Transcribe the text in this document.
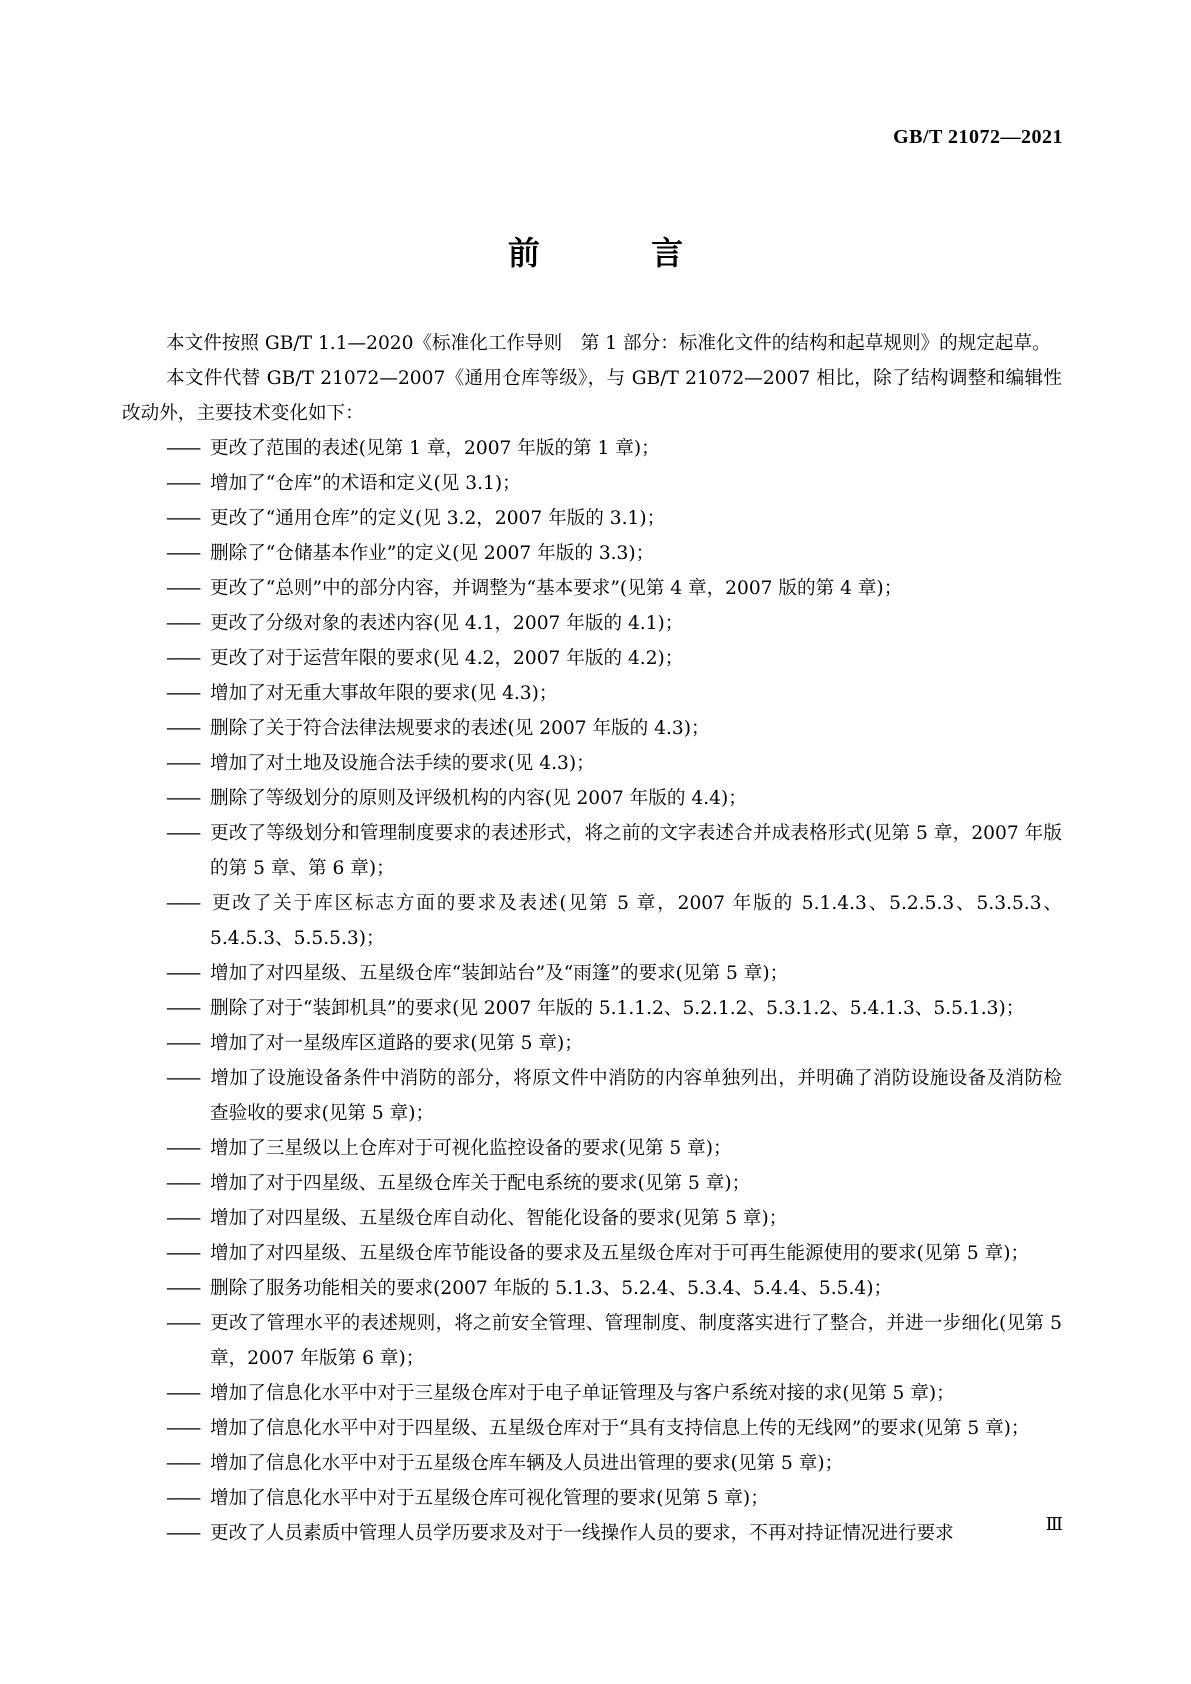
GB/T 21072—2021
前 言

本文件按照 GB/T 1.1—2020《标准化工作导则　第 1 部分：标准化文件的结构和起草规则》的规定起草。

本文件代替 GB/T 21072—2007《通用仓库等级》，与 GB/T 21072—2007 相比，除了结构调整和编辑性改动外，主要技术变化如下：

—— 更改了范围的表述(见第 1 章，2007 年版的第 1 章)；

—— 增加了“仓库”的术语和定义(见 3.1)；

—— 更改了“通用仓库”的定义(见 3.2，2007 年版的 3.1)；

—— 删除了“仓储基本作业”的定义(见 2007 年版的 3.3)；

—— 更改了“总则”中的部分内容，并调整为“基本要求”(见第 4 章，2007 版的第 4 章)；

—— 更改了分级对象的表述内容(见 4.1，2007 年版的 4.1)；

—— 更改了对于运营年限的要求(见 4.2，2007 年版的 4.2)；

—— 增加了对无重大事故年限的要求(见 4.3)；

—— 删除了关于符合法律法规要求的表述(见 2007 年版的 4.3)；

—— 增加了对土地及设施合法手续的要求(见 4.3)；

—— 删除了等级划分的原则及评级机构的内容(见 2007 年版的 4.4)；

—— 更改了等级划分和管理制度要求的表述形式，将之前的文字表述合并成表格形式(见第 5 章，2007 年版的第 5 章、第 6 章)；

—— 更改了关于库区标志方面的要求及表述(见第 5 章，2007 年版的 5.1.4.3、5.2.5.3、5.3.5.3、5.4.5.3、5.5.5.3)；

—— 增加了对四星级、五星级仓库“装卸站台”及“雨篷”的要求(见第 5 章)；

—— 删除了对于“装卸机具”的要求(见 2007 年版的 5.1.1.2、5.2.1.2、5.3.1.2、5.4.1.3、5.5.1.3)；

—— 增加了对一星级库区道路的要求(见第 5 章)；

—— 增加了设施设备条件中消防的部分，将原文件中消防的内容单独列出，并明确了消防设施设备及消防检查验收的要求(见第 5 章)；

—— 增加了三星级以上仓库对于可视化监控设备的要求(见第 5 章)；

—— 增加了对于四星级、五星级仓库关于配电系统的要求(见第 5 章)；

—— 增加了对四星级、五星级仓库自动化、智能化设备的要求(见第 5 章)；

—— 增加了对四星级、五星级仓库节能设备的要求及五星级仓库对于可再生能源使用的要求(见第 5 章)；

—— 删除了服务功能相关的要求(2007 年版的 5.1.3、5.2.4、5.3.4、5.4.4、5.5.4)；

—— 更改了管理水平的表述规则，将之前安全管理、管理制度、制度落实进行了整合，并进一步细化(见第 5 章，2007 年版第 6 章)；

—— 增加了信息化水平中对于三星级仓库对于电子单证管理及与客户系统对接的求(见第 5 章)；

—— 增加了信息化水平中对于四星级、五星级仓库对于“具有支持信息上传的无线网”的要求(见第 5 章)；

—— 增加了信息化水平中对于五星级仓库车辆及人员进出管理的要求(见第 5 章)；

—— 增加了信息化水平中对于五星级仓库可视化管理的要求(见第 5 章)；

—— 更改了人员素质中管理人员学历要求及对于一线操作人员的要求，不再对持证情况进行要求	Ⅲ
